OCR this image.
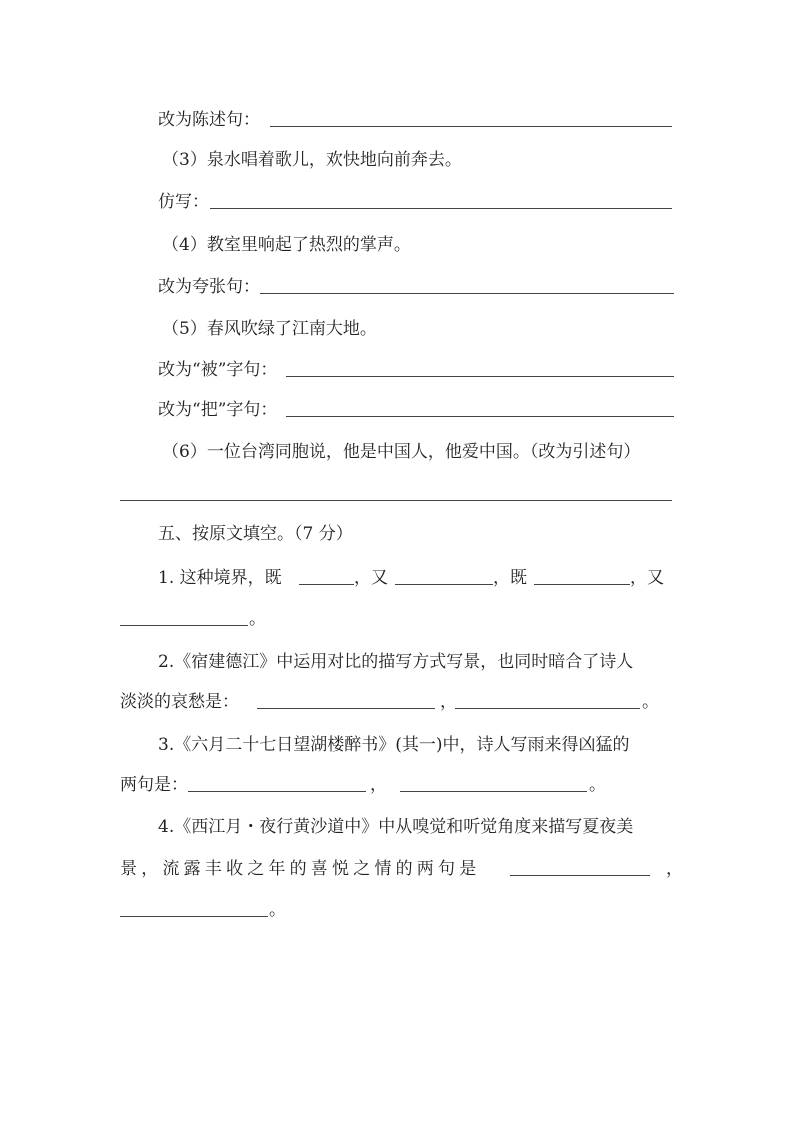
改为陈述句：
（3）泉水唱着歌儿，欢快地向前奔去。
仿写：
（4）教室里响起了热烈的掌声。
改为夸张句：
（5）春风吹绿了江南大地。
改为“被”字句：
改为“把”字句：
（6）一位台湾同胞说，他是中国人，他爱中国。（改为引述句）
五、按原文填空。（7 分）
1. 这种境界，既	，又	，既	，又
。
2.《宿建德江》中运用对比的描写方式写景，也同时暗合了诗人
淡淡的哀愁是：	，	。
3.《六月二十七日望湖楼醉书》(其一)中，诗人写雨来得凶猛的
两句是：	，	。
4.《西江月・夜行黄沙道中》中从嗅觉和听觉角度来描写夏夜美
景，流露丰收之年的喜悦之情的两句是	，
。
